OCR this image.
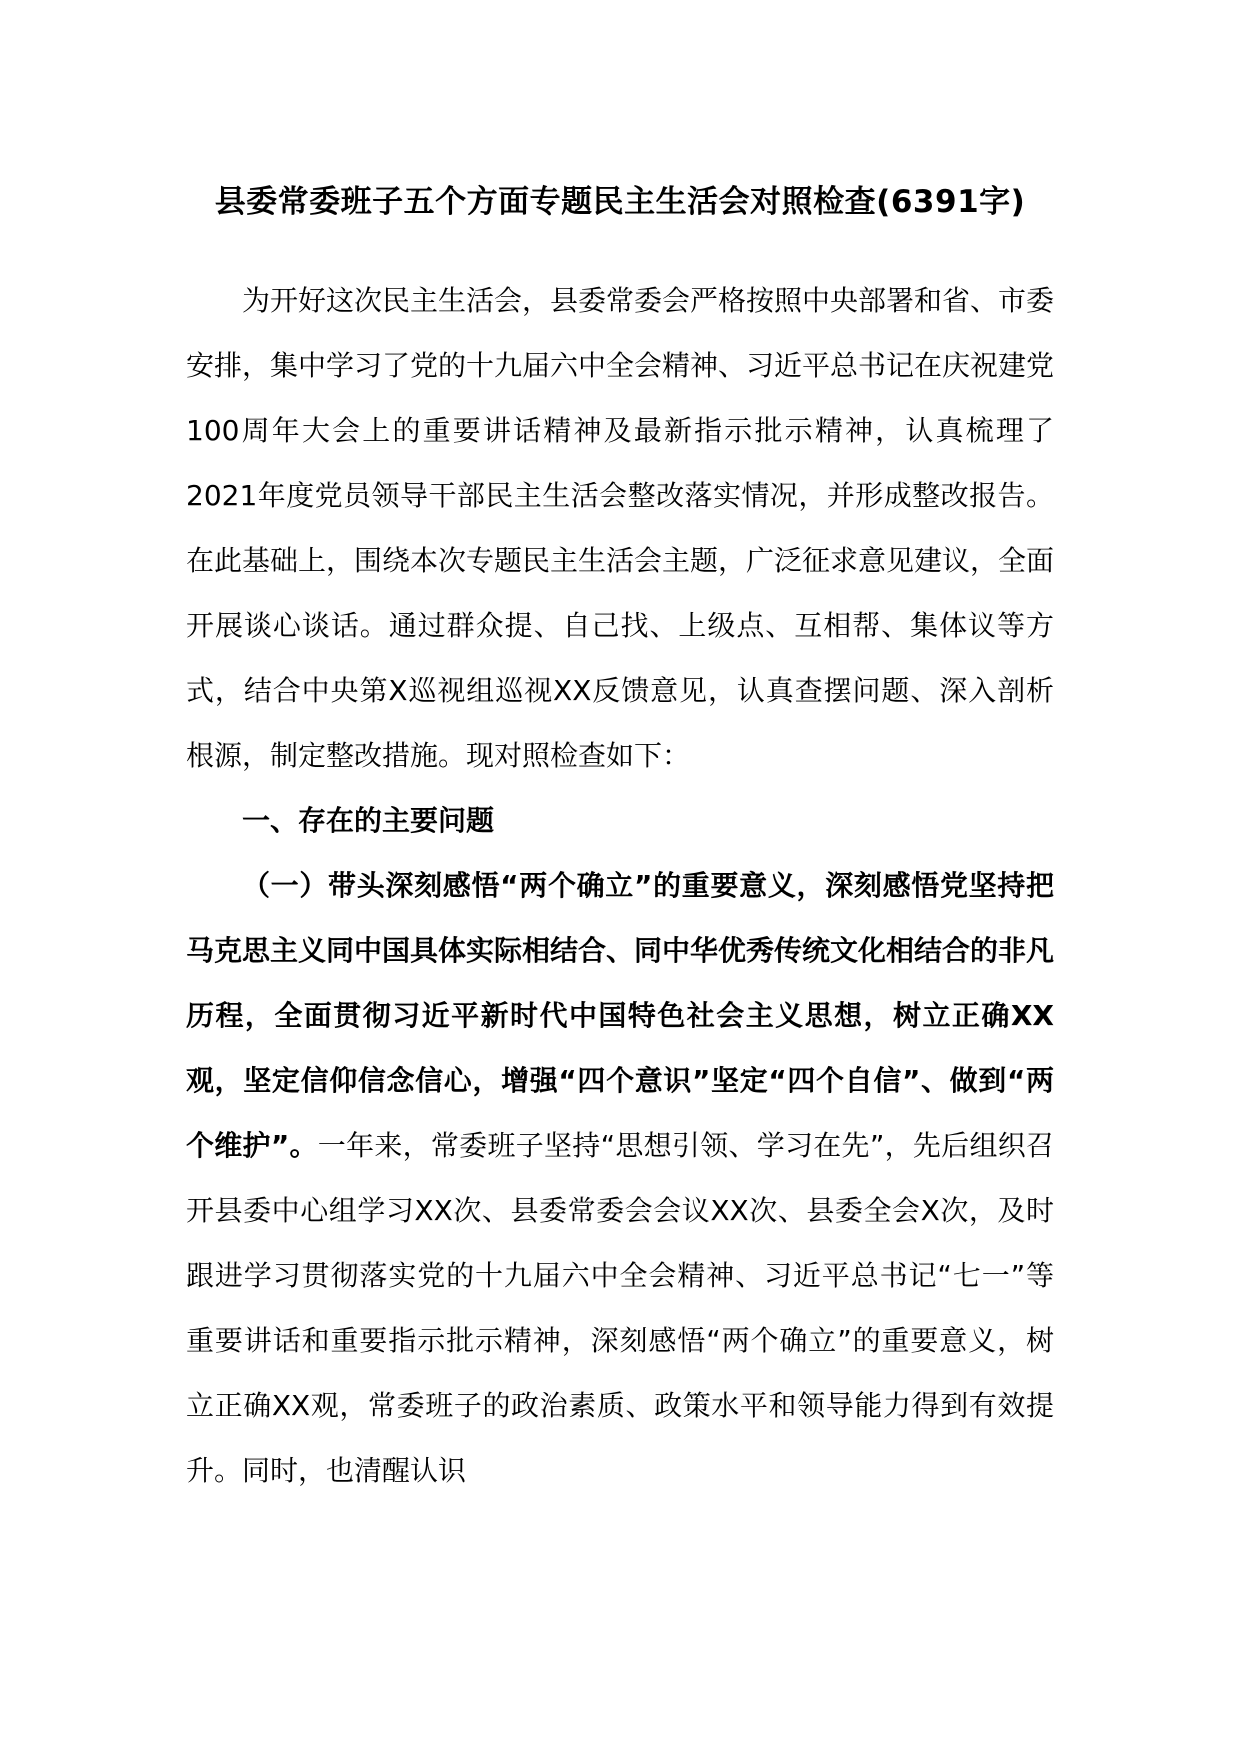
县委常委班子五个方面专题民主生活会对照检查(6391字)

为开好这次民主生活会，县委常委会严格按照中央部署和省、市委安排，集中学习了党的十九届六中全会精神、习近平总书记在庆祝建党100周年大会上的重要讲话精神及最新指示批示精神，认真梳理了2021年度党员领导干部民主生活会整改落实情况，并形成整改报告。在此基础上，围绕本次专题民主生活会主题，广泛征求意见建议，全面开展谈心谈话。通过群众提、自己找、上级点、互相帮、集体议等方式，结合中央第X巡视组巡视XX反馈意见，认真查摆问题、深入剖析根源，制定整改措施。现对照检查如下：

一、存在的主要问题

（一）带头深刻感悟“两个确立”的重要意义，深刻感悟党坚持把马克思主义同中国具体实际相结合、同中华优秀传统文化相结合的非凡历程，全面贯彻习近平新时代中国特色社会主义思想，树立正确XX观，坚定信仰信念信心，增强“四个意识”坚定“四个自信”、做到“两个维护”。一年来，常委班子坚持“思想引领、学习在先”，先后组织召开县委中心组学习XX次、县委常委会会议XX次、县委全会X次，及时跟进学习贯彻落实党的十九届六中全会精神、习近平总书记“七一”等重要讲话和重要指示批示精神，深刻感悟“两个确立”的重要意义，树立正确XX观，常委班子的政治素质、政策水平和领导能力得到有效提升。同时，也清醒认识
